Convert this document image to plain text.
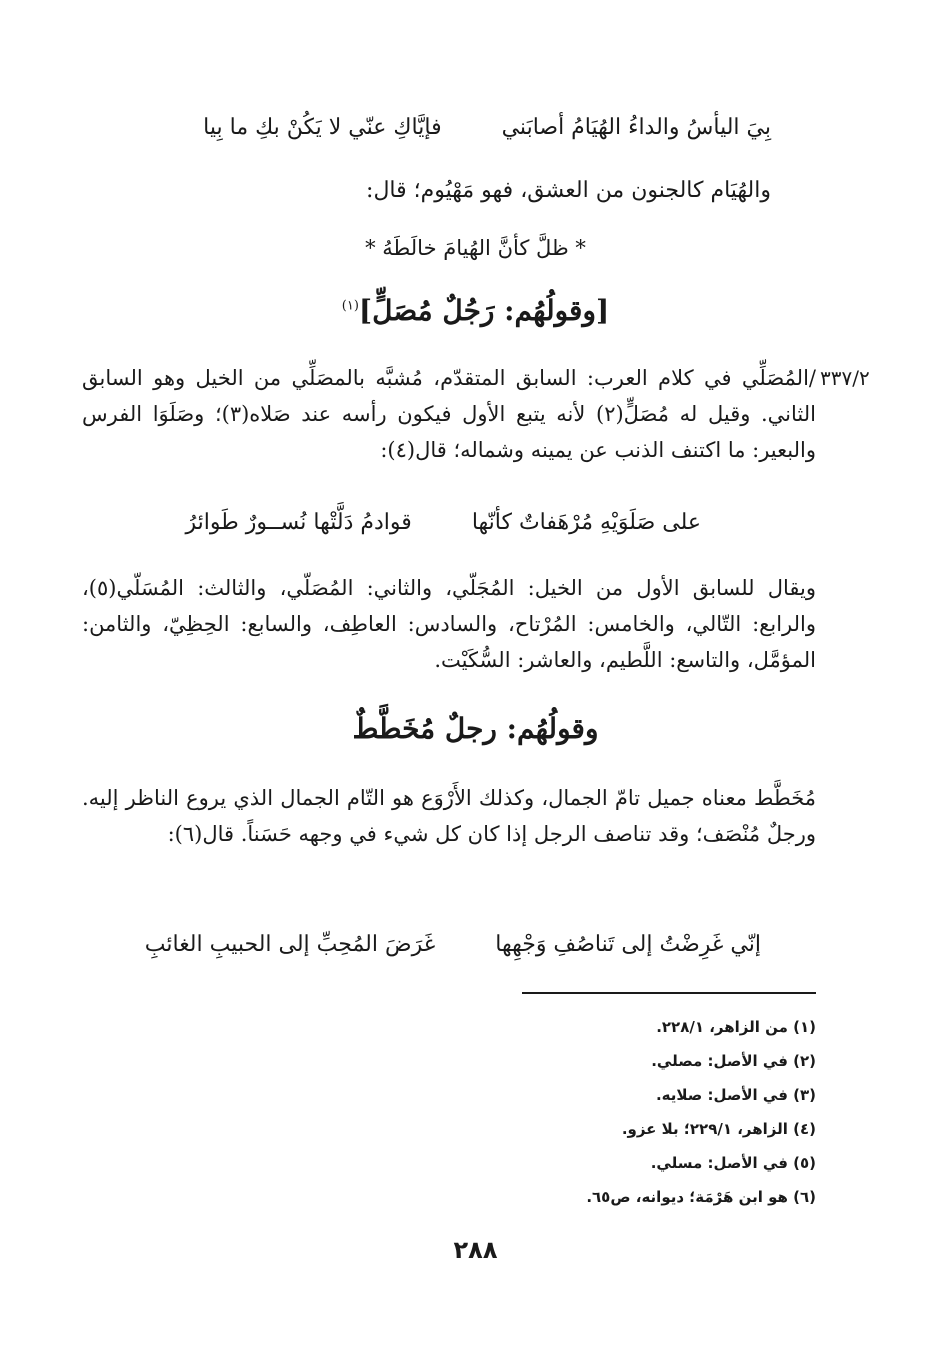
بِيَ اليأسُ والداءُ الهُيَامُ أصابَني
فإيَّاكِ عنّي لا يَكُنْ بكِ ما بِيا
والهُيَام كالجنون من العشق، فهو مَهْيُوم؛ قال:
* ظلَّ كأنَّ الهُيامَ خالَطَهُ *
[وقولُهُم: رَجُلٌ مُصَلٍّ]$^{(١)}$
٣٣٧/٢
/المُصَلِّي في كلام العرب: السابق المتقدّم، مُشبَّه بالمصَلِّي من الخيل وهو السابق الثاني. وقيل له مُصَلٍّ(٢) لأنه يتبع الأول فيكون رأسه عند صَلاه(٣)؛ وصَلَوَا الفرس والبعير: ما اكتنف الذنب عن يمينه وشماله؛ قال(٤):
على صَلَوَيْهِ مُرْهَفاتٌ كأنّها
قوادمُ دَلَّتْها نُســورٌ طَوائرُ
ويقال للسابق الأول من الخيل: المُجَلّي، والثاني: المُصَلّي، والثالث: المُسَلّي(٥)، والرابع: التّالي، والخامس: المُرْتاح، والسادس: العاطِف، والسابع: الحِظِيّ، والثامن: المؤمَّل، والتاسع: اللَّطيم، والعاشر: السُّكَيْت.
وقولُهُم: رجلٌ مُخَطَّطٌ
مُخَطَّط معناه جميل تامّ الجمال، وكذلك الأَرْوَع هو التّام الجمال الذي يروع الناظر إليه. ورجلٌ مُنْصَف؛ وقد تناصف الرجل إذا كان كل شيء في وجهه حَسَناً. قال(٦):
إنّي غَرِضْتُ إلى تَناصُفِ وَجْهِها
غَرَضَ المُحِبِّ إلى الحبيبِ الغائبِ
(١) من الزاهر، ٢٢٨/١.
(٢) في الأصل: مصلي.
(٣) في الأصل: صلايه.
(٤) الزاهر، ٢٢٩/١؛ بلا عزو.
(٥) في الأصل: مسلي.
(٦) هو ابن هَرْمَة؛ ديوانه، ص٦٥.
٢٨٨
